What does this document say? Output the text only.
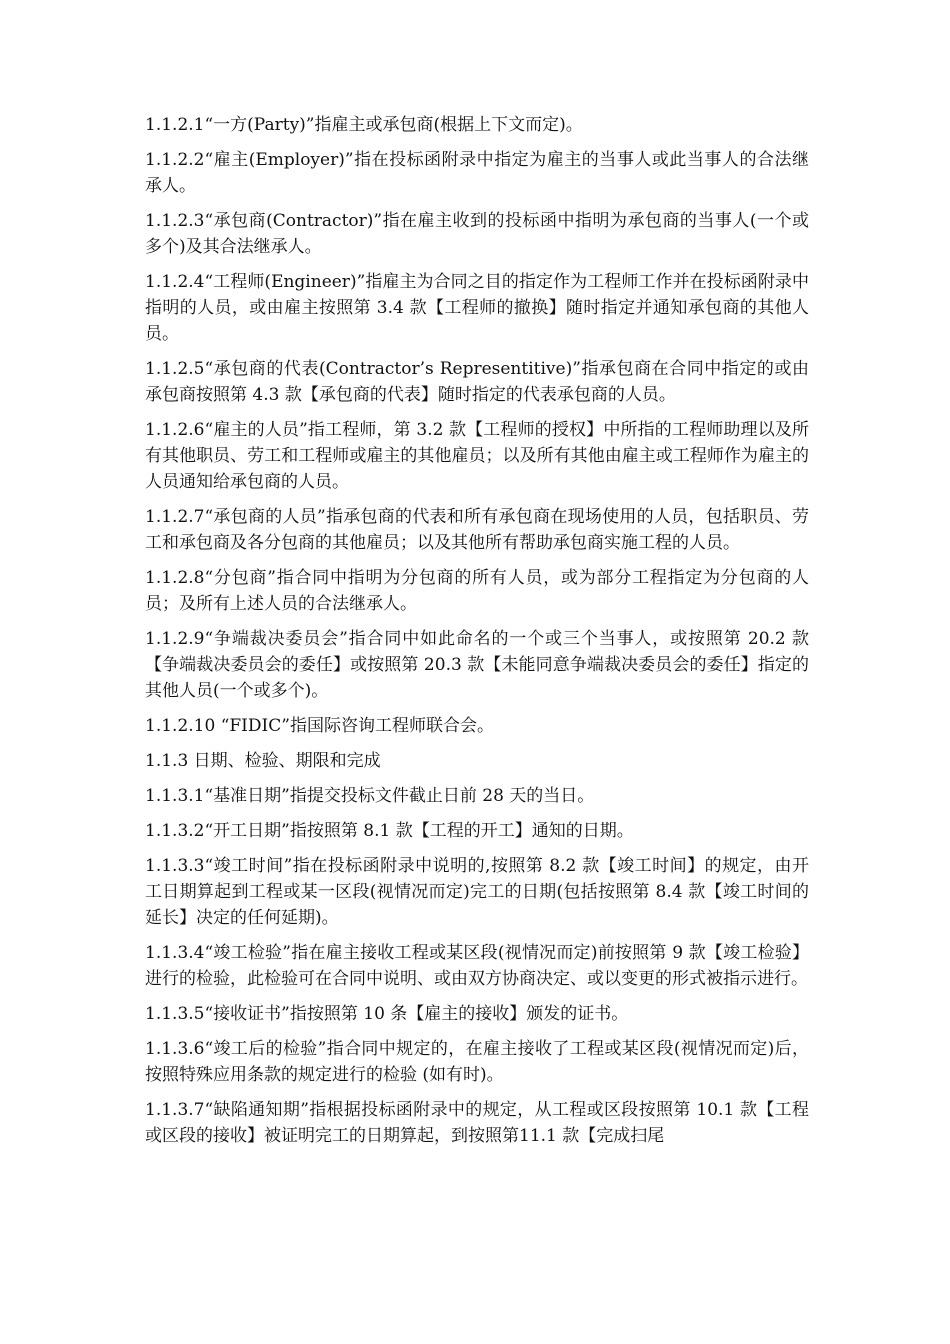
1.1.2.1“一方(Party)”指雇主或承包商(根据上下文而定)。

1.1.2.2“雇主(Employer)”指在投标函附录中指定为雇主的当事人或此当事人的合法继承人。

1.1.2.3“承包商(Contractor)”指在雇主收到的投标函中指明为承包商的当事人(一个或多个)及其合法继承人。

1.1.2.4“工程师(Engineer)”指雇主为合同之目的指定作为工程师工作并在投标函附录中指明的人员，或由雇主按照第 3.4 款【工程师的撤换】随时指定并通知承包商的其他人员。

1.1.2.5“承包商的代表(Contractor’s Representitive)”指承包商在合同中指定的或由承包商按照第 4.3 款【承包商的代表】随时指定的代表承包商的人员。

1.1.2.6“雇主的人员”指工程师，第 3.2 款【工程师的授权】中所指的工程师助理以及所有其他职员、劳工和工程师或雇主的其他雇员；以及所有其他由雇主或工程师作为雇主的人员通知给承包商的人员。

1.1.2.7“承包商的人员”指承包商的代表和所有承包商在现场使用的人员，包括职员、劳工和承包商及各分包商的其他雇员；以及其他所有帮助承包商实施工程的人员。

1.1.2.8“分包商”指合同中指明为分包商的所有人员，或为部分工程指定为分包商的人员；及所有上述人员的合法继承人。

1.1.2.9“争端裁决委员会”指合同中如此命名的一个或三个当事人，或按照第 20.2 款【争端裁决委员会的委任】或按照第 20.3 款【未能同意争端裁决委员会的委任】指定的其他人员(一个或多个)。

1.1.2.10 “FIDIC”指国际咨询工程师联合会。

1.1.3 日期、检验、期限和完成

1.1.3.1“基准日期”指提交投标文件截止日前 28 天的当日。

1.1.3.2“开工日期”指按照第 8.1 款【工程的开工】通知的日期。

1.1.3.3“竣工时间”指在投标函附录中说明的,按照第 8.2 款【竣工时间】的规定，由开工日期算起到工程或某一区段(视情况而定)完工的日期(包括按照第 8.4 款【竣工时间的延长】决定的任何延期)。

1.1.3.4“竣工检验”指在雇主接收工程或某区段(视情况而定)前按照第 9 款【竣工检验】进行的检验，此检验可在合同中说明、或由双方协商决定、或以变更的形式被指示进行。

1.1.3.5“接收证书”指按照第 10 条【雇主的接收】颁发的证书。

1.1.3.6“竣工后的检验”指合同中规定的，在雇主接收了工程或某区段(视情况而定)后，按照特殊应用条款的规定进行的检验 (如有时)。

1.1.3.7“缺陷通知期”指根据投标函附录中的规定，从工程或区段按照第 10.1 款【工程或区段的接收】被证明完工的日期算起，到按照第11.1 款【完成扫尾
